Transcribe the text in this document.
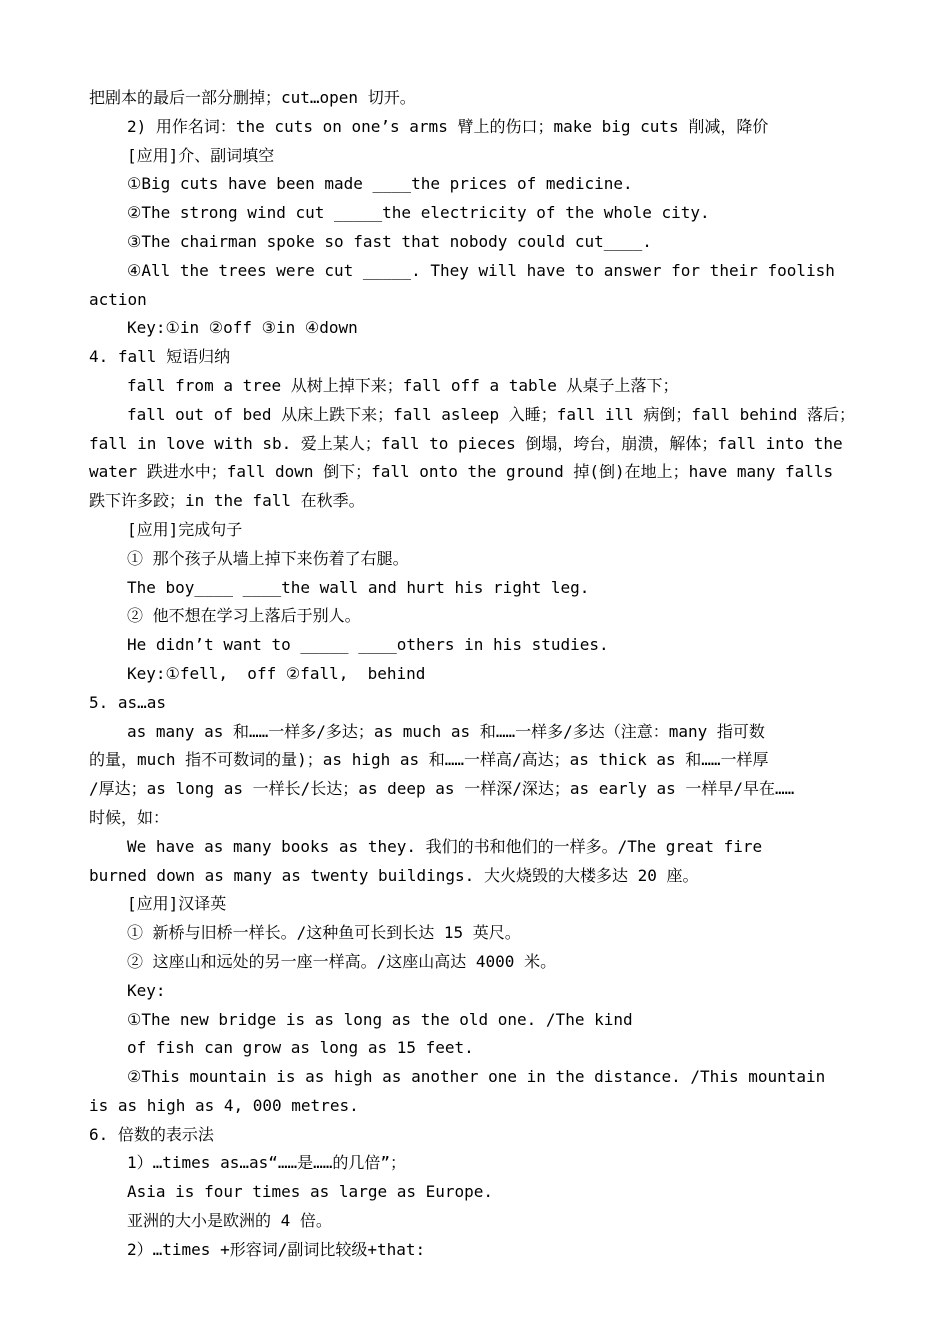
把剧本的最后一部分删掉；cut…open 切开。

2) 用作名词：the cuts on one’s arms 臂上的伤口；make big cuts 削减，降价

[应用]介、副词填空

①Big cuts have been made ____the prices of medicine.

②The strong wind cut _____the electricity of the whole city.

③The chairman spoke so fast that nobody could cut____.

④All the trees were cut _____. They will have to answer for their foolish

action

Key:①in ②off ③in ④down

4. fall 短语归纳

fall from a tree 从树上掉下来；fall off a table 从桌子上落下；

fall out of bed 从床上跌下来；fall asleep 入睡；fall ill 病倒；fall behind 落后；

fall in love with sb. 爱上某人；fall to pieces 倒塌，垮台，崩溃，解体；fall into the

water 跌进水中；fall down 倒下；fall onto the ground 掉(倒)在地上；have many falls

跌下许多跤；in the fall 在秋季。

[应用]完成句子

① 那个孩子从墙上掉下来伤着了右腿。

The boy____ ____the wall and hurt his right leg.

② 他不想在学习上落后于别人。

He didn’t want to _____ ____others in his studies.

Key:①fell,  off ②fall,  behind

5. as…as

as many as 和……一样多/多达；as much as 和……一样多/多达（注意：many 指可数

的量，much 指不可数词的量)；as high as 和……一样高/高达；as thick as 和……一样厚

/厚达；as long as 一样长/长达；as deep as 一样深/深达；as early as 一样早/早在……

时候，如：

We have as many books as they. 我们的书和他们的一样多。/The great fire

burned down as many as twenty buildings. 大火烧毁的大楼多达 20 座。

[应用]汉译英

① 新桥与旧桥一样长。/这种鱼可长到长达 15 英尺。

② 这座山和远处的另一座一样高。/这座山高达 4000 米。

Key:

①The new bridge is as long as the old one. /The kind

of fish can grow as long as 15 feet.

②This mountain is as high as another one in the distance. /This mountain

is as high as 4, 000 metres.

6. 倍数的表示法

1）…times as…as“……是……的几倍”；

Asia is four times as large as Europe.

亚洲的大小是欧洲的 4 倍。

2）…times +形容词/副词比较级+that:
